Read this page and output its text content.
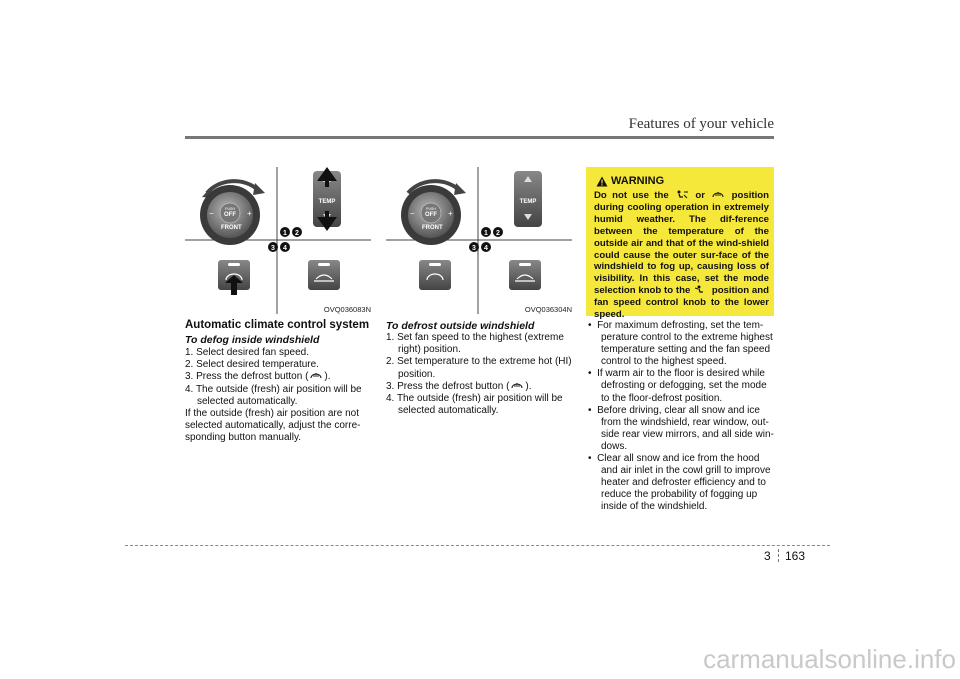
Features of your vehicle
PUSH
OFF
−	+
FRONT
TEMP
1 2
3 4
OVQ036083N
PUSH
OFF
−	+
FRONT
TEMP
1 2
3 4
OVQ036304N
Automatic climate control system
To defog inside windshield

1. Select desired fan speed.

2. Select desired temperature.

3. Press the defrost button ( ).

4. The outside (fresh) air position will be selected automatically.

If the outside (fresh) air position are not selected automatically, adjust the corre-sponding button manually.

To defrost outside windshield

1. Set fan speed to the highest (extreme right) position.

2. Set temperature to the extreme hot (HI) position.

3. Press the defrost button ( ).

4. The outside (fresh) air position will be selected automatically.

WARNING
Do not use the  or  position during cooling operation in extremely humid weather. The dif-ference between the temperature of the outside air and that of the wind-shield could cause the outer sur-face of the windshield to fog up, causing loss of visibility. In this case, set the mode selection knob to the  position and fan speed control knob to the lower speed.

• For maximum defrosting, set the tem-perature control to the extreme highest temperature setting and the fan speed control to the highest speed.

• If warm air to the floor is desired while defrosting or defogging, set the mode to the floor-defrost position.

• Before driving, clear all snow and ice from the windshield, rear window, out-side rear view mirrors, and all side win-dows.

• Clear all snow and ice from the hood and air inlet in the cowl grill to improve heater and defroster efficiency and to reduce the probability of fogging up inside of the windshield.

3 163
carmanualsonline.info
